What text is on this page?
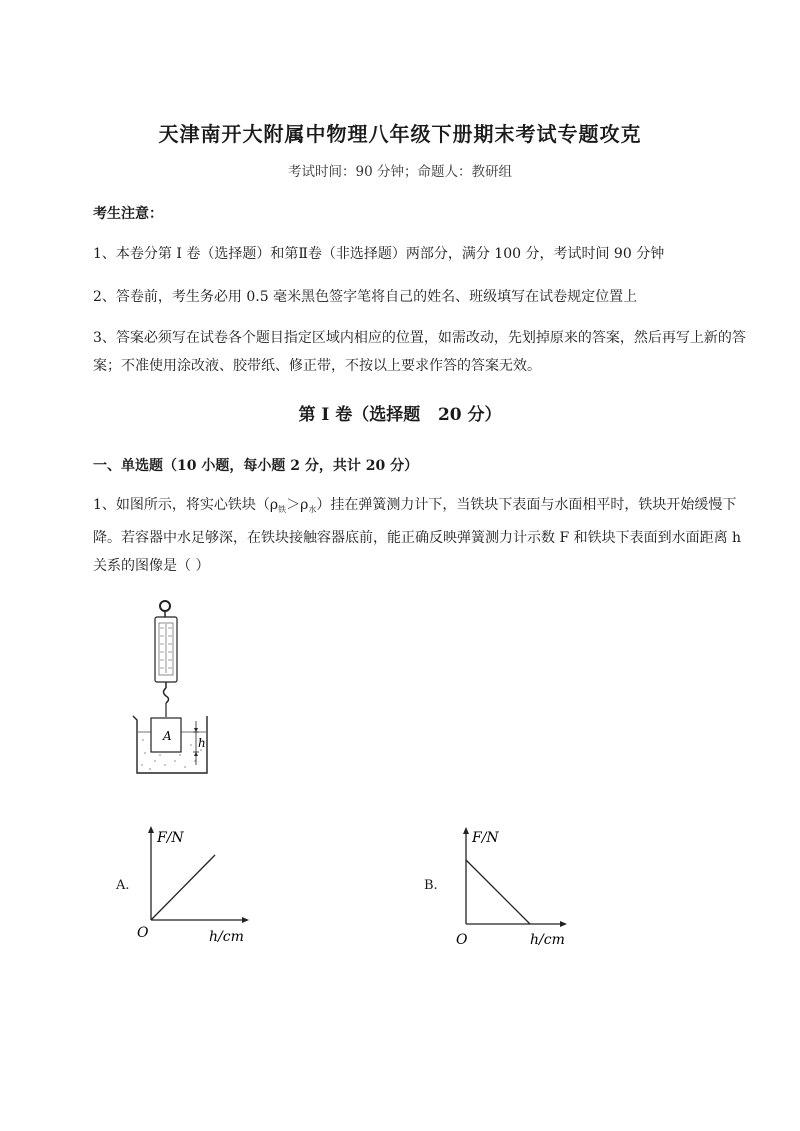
天津南开大附属中物理八年级下册期末考试专题攻克
考试时间：90 分钟；命题人：教研组
考生注意：
1、本卷分第 I 卷（选择题）和第Ⅱ卷（非选择题）两部分，满分 100 分，考试时间 90 分钟
2、答卷前，考生务必用 0.5 毫米黑色签字笔将自己的姓名、班级填写在试卷规定位置上
3、答案必须写在试卷各个题目指定区域内相应的位置，如需改动，先划掉原来的答案，然后再写上新的答案；不准使用涂改液、胶带纸、修正带，不按以上要求作答的答案无效。
第 I 卷（选择题   20 分）
一、单选题（10 小题，每小题 2 分，共计 20 分）
1、如图所示，将实心铁块$(\rho_铁>\rho_水)$挂在弹簧测力计下，当铁块下表面与水面相平时，铁块开始缓慢下降。若容器中水足够深，在铁块接触容器底前，能正确反映弹簧测力计示数 F 和铁块下表面到水面距离 h 关系的图像是（ ）
A h
A.
F/N
O	h/cm
B.
F/N
O	h/cm
